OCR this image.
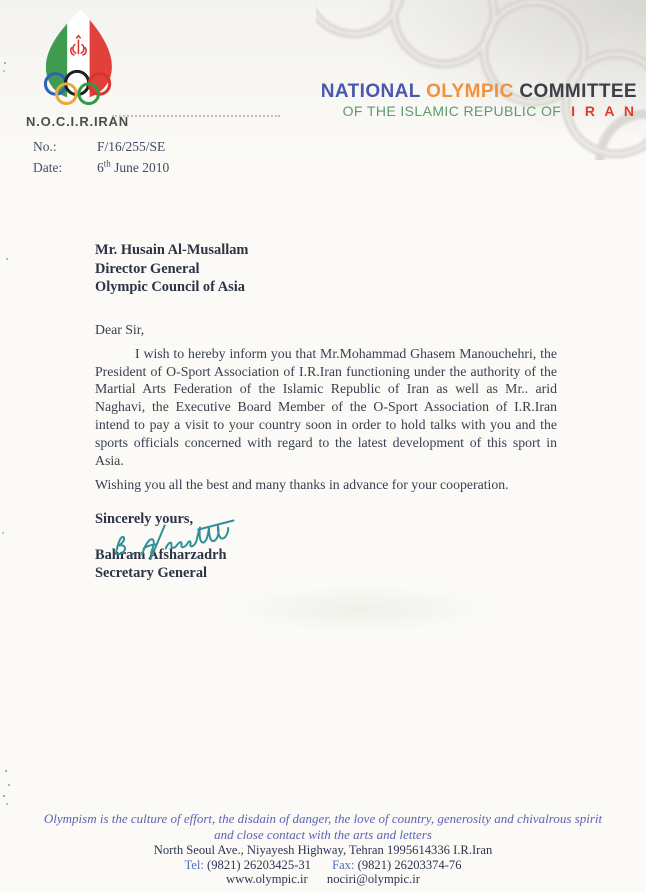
N.O.C.I.R.IRAN
NATIONAL OLYMPIC COMMITTEE
OF THE ISLAMIC REPUBLIC OF I R A N
No.:	F/16/255/SE
Date:	6th June 2010
Mr. Husain Al-Musallam
Director General
Olympic Council of Asia

Dear Sir,

I wish to hereby inform you that Mr.Mohammad Ghasem Manouchehri, the President of O-Sport Association of I.R.Iran functioning under the authority of the Martial Arts Federation of the Islamic Republic of Iran as well as Mr.. arid Naghavi, the Executive Board Member of the O-Sport Association of I.R.Iran intend to pay a visit to your country soon in order to hold talks with you and the sports officials concerned with regard to the latest development of this sport in Asia.

Wishing you all the best and many thanks in advance for your cooperation.

Sincerely yours,
Bahram Afsharzadrh
Secretary General
Olympism is the culture of effort, the disdain of danger, the love of country, generosity and chivalrous spirit
and close contact with the arts and letters
North Seoul Ave., Niyayesh Highway, Tehran 1995614336 I.R.Iran
Tel: (9821) 26203425-31 Fax: (9821) 26203374-76
www.olympic.ir nociri@olympic.ir
